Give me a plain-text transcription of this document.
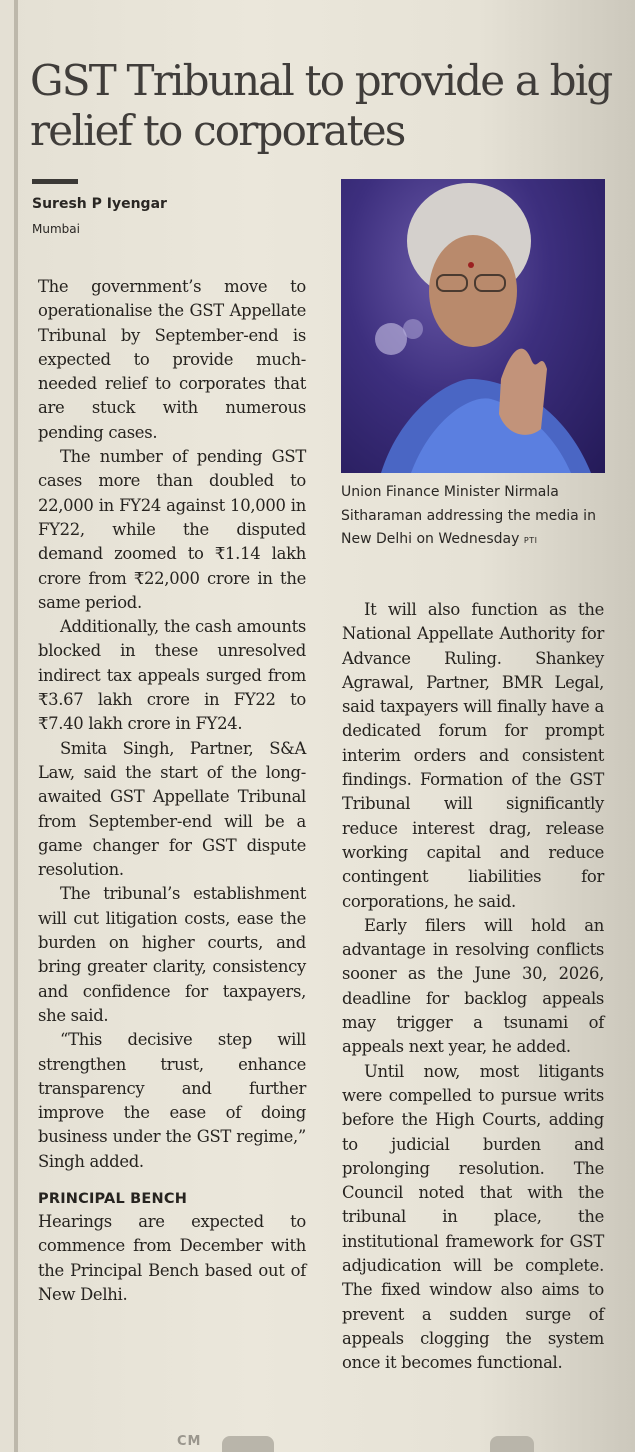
GST Tribunal to provide a big relief to corporates
Suresh P Iyengar
Mumbai

The government’s move to operationalise the GST Appellate Tribunal by September-end is expected to provide much-needed relief to corporates that are stuck with numerous pending cases.

The number of pending GST cases more than doubled to 22,000 in FY24 against 10,000 in FY22, while the disputed demand zoomed to ₹1.14 lakh crore from ₹22,000 crore in the same period.

Additionally, the cash amounts blocked in these unresolved indirect tax appeals surged from ₹3.67 lakh crore in FY22 to ₹7.40 lakh crore in FY24.

Smita Singh, Partner, S&A Law, said the start of the long-awaited GST Appellate Tribunal from September-end will be a game changer for GST dispute resolution.

The tribunal’s establishment will cut litigation costs, ease the burden on higher courts, and bring greater clarity, consistency and confidence for taxpayers, she said.

“This decisive step will strengthen trust, enhance transparency and further improve the ease of doing business under the GST regime,” Singh added.

PRINCIPAL BENCH

Hearings are expected to commence from December with the Principal Bench based out of New Delhi.

Union Finance Minister Nirmala Sitharaman addressing the media in New Delhi on Wednesday PTI

It will also function as the National Appellate Authority for Advance Ruling. Shankey Agrawal, Partner, BMR Legal, said taxpayers will finally have a dedicated forum for prompt interim orders and consistent findings. Formation of the GST Tribunal will significantly reduce interest drag, release working capital and reduce contingent liabilities for corporations, he said.

Early filers will hold an advantage in resolving conflicts sooner as the June 30, 2026, deadline for backlog appeals may trigger a tsunami of appeals next year, he added.

Until now, most litigants were compelled to pursue writs before the High Courts, adding to judicial burden and prolonging resolution. The Council noted that with the tribunal in place, the institutional framework for GST adjudication will be complete. The fixed window also aims to prevent a sudden surge of appeals clogging the system once it becomes functional.

CM
